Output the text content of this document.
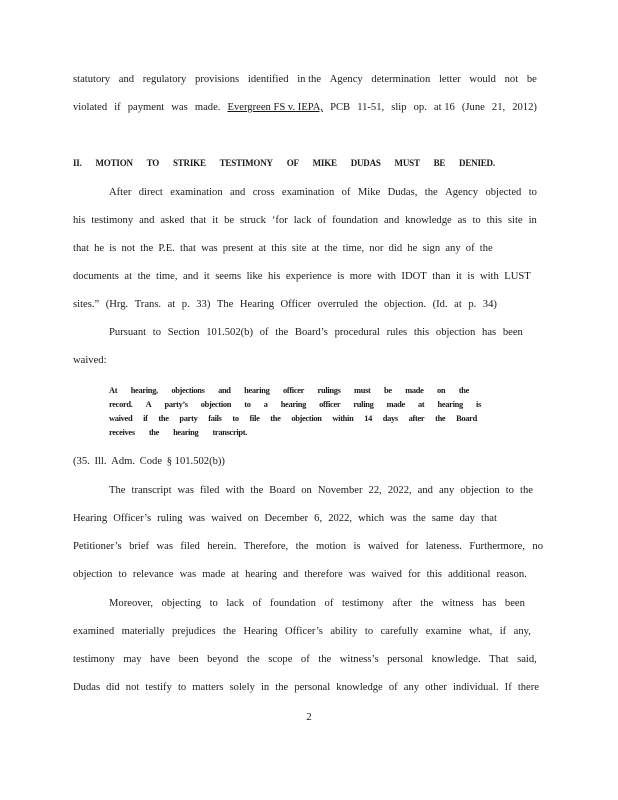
statutory and regulatory provisions identified in the Agency determination letter would not be
violated if payment was made. Evergreen FS v. IEPA, PCB 11-51, slip op. at 16 (June 21, 2012)
II. MOTION TO STRIKE TESTIMONY OF MIKE DUDAS MUST BE DENIED.
After direct examination and cross examination of Mike Dudas, the Agency objected to
his testimony and asked that it be struck ‘for lack of foundation and knowledge as to this site in
that he is not the P.E. that was present at this site at the time, nor did he sign any of the
documents at the time, and it seems like his experience is more with IDOT than it is with LUST
sites.” (Hrg. Trans. at p. 33) The Hearing Officer overruled the objection. (Id. at p. 34)
Pursuant to Section 101.502(b) of the Board’s procedural rules this objection has been
waived:
At hearing, objections and hearing officer rulings must be made on the
record. A party’s objection to a hearing officer ruling made at hearing is
waived if the party fails to file the objection within 14 days after the Board
receives the hearing transcript.
(35. Ill. Adm. Code § 101.502(b))
The transcript was filed with the Board on November 22, 2022, and any objection to the
Hearing Officer’s ruling was waived on December 6, 2022, which was the same day that
Petitioner’s brief was filed herein. Therefore, the motion is waived for lateness. Furthermore, no
objection to relevance was made at hearing and therefore was waived for this additional reason.
Moreover, objecting to lack of foundation of testimony after the witness has been
examined materially prejudices the Hearing Officer’s ability to carefully examine what, if any,
testimony may have been beyond the scope of the witness’s personal knowledge. That said,
Dudas did not testify to matters solely in the personal knowledge of any other individual. If there
2
